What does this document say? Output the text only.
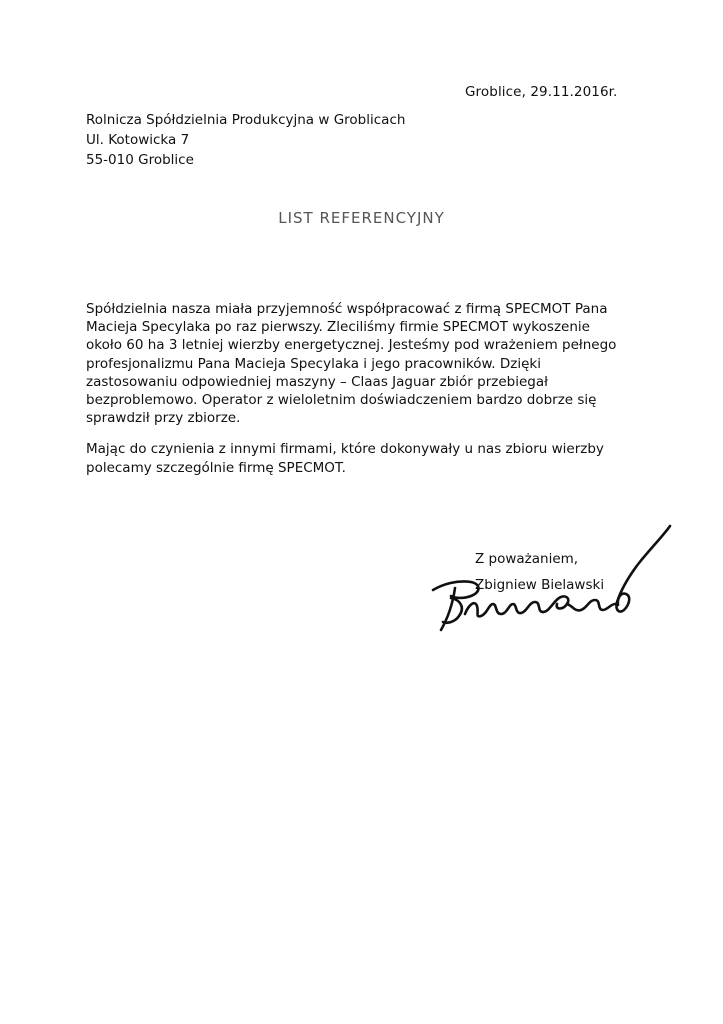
Groblice, 29.11.2016r.
Rolnicza Spółdzielnia Produkcyjna w Groblicach
Ul. Kotowicka 7
55-010 Groblice
LIST REFERENCYJNY

Spółdzielnia nasza miała przyjemność współpracować z firmą SPECMOT Pana Macieja Specylaka po raz pierwszy. Zleciliśmy firmie SPECMOT wykoszenie około 60 ha 3 letniej wierzby energetycznej. Jesteśmy pod wrażeniem pełnego profesjonalizmu Pana Macieja Specylaka i jego pracowników. Dzięki zastosowaniu odpowiedniej maszyny – Claas Jaguar zbiór przebiegał bezproblemowo. Operator z wieloletnim doświadczeniem bardzo dobrze się sprawdził przy zbiorze.

Mając do czynienia z innymi firmami, które dokonywały u nas zbioru wierzby polecamy szczególnie firmę SPECMOT.

Z poważaniem,
Zbigniew Bielawski
